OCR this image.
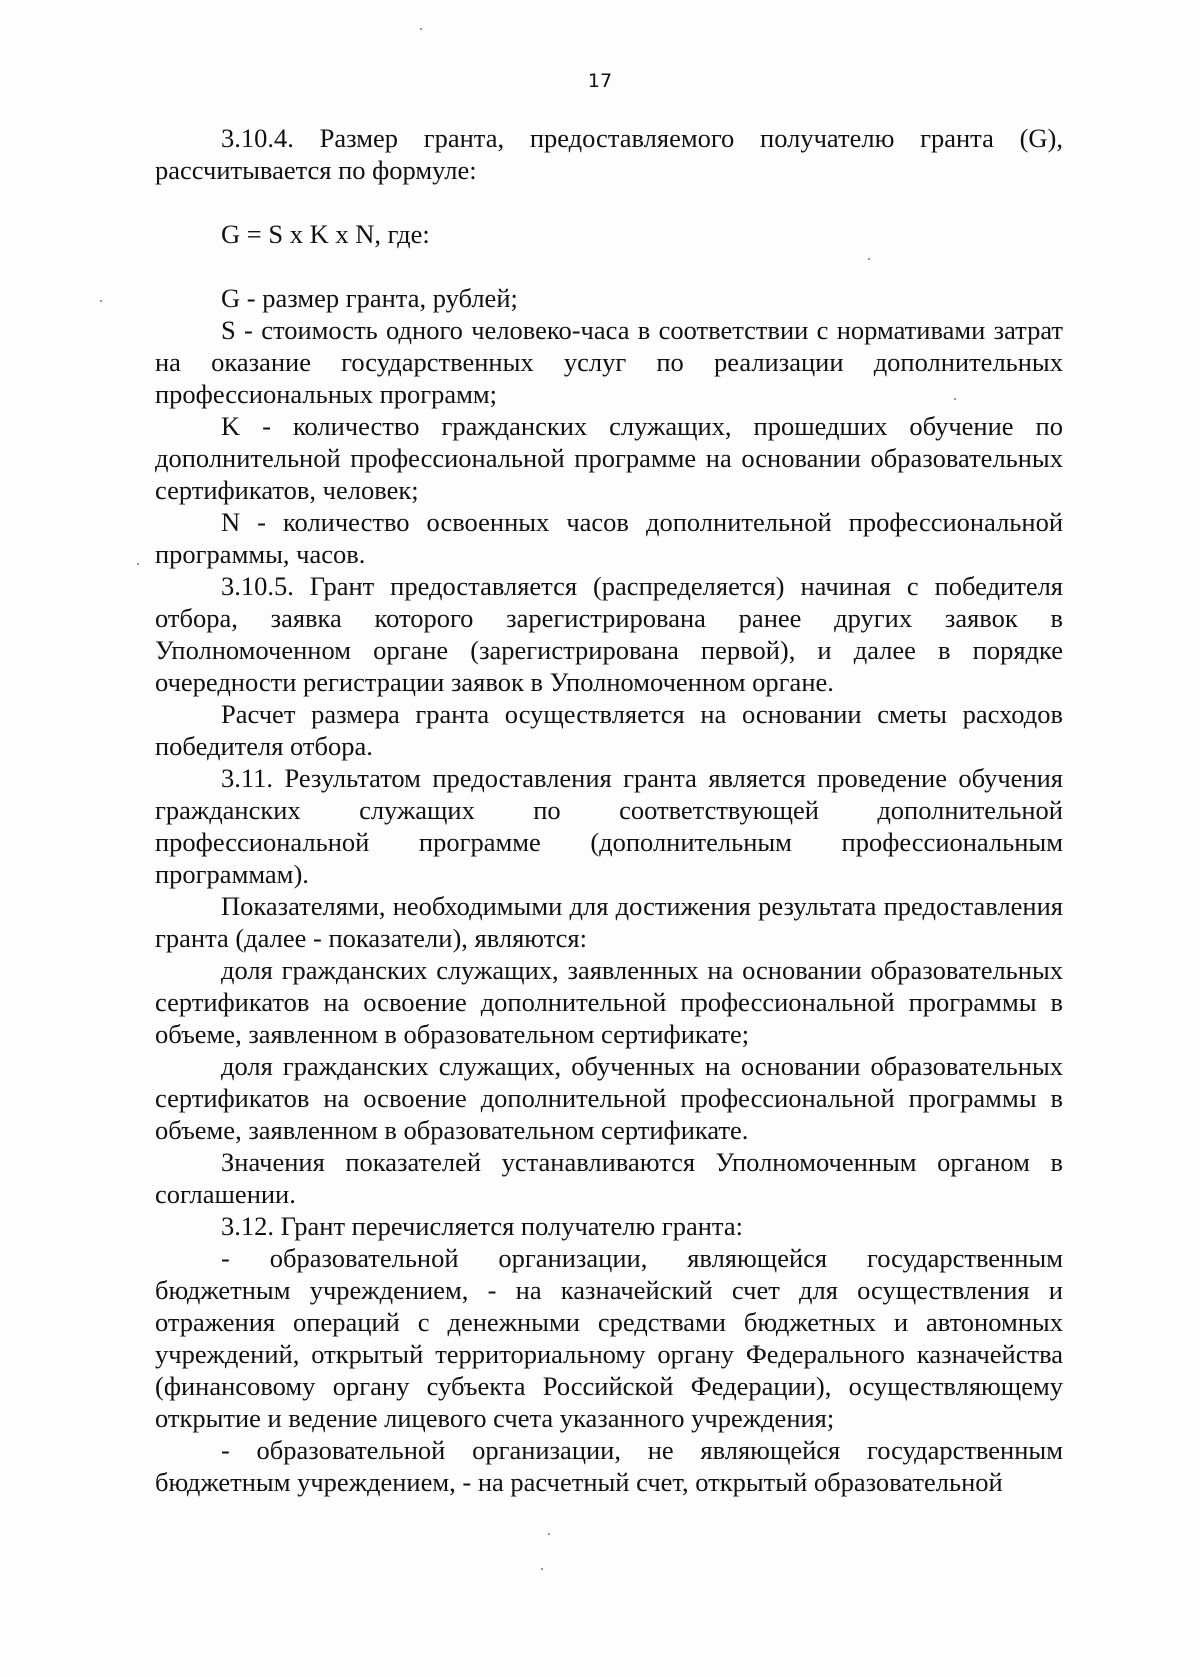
17

3.10.4. Размер гранта, предоставляемого получателю гранта (G), рассчитывается по формуле:

G = S x K x N, где:

G - размер гранта, рублей;

S - стоимость одного человеко-часа в соответствии с нормативами затрат на оказание государственных услуг по реализации дополнительных профессиональных программ;

K - количество гражданских служащих, прошедших обучение по дополнительной профессиональной программе на основании образовательных сертификатов, человек;

N - количество освоенных часов дополнительной профессиональной программы, часов.

3.10.5. Грант предоставляется (распределяется) начиная с победителя отбора, заявка которого зарегистрирована ранее других заявок в Уполномоченном органе (зарегистрирована первой), и далее в порядке очередности регистрации заявок в Уполномоченном органе.

Расчет размера гранта осуществляется на основании сметы расходов победителя отбора.

3.11. Результатом предоставления гранта является проведение обучения гражданских служащих по соответствующей дополнительной профессиональной программе (дополнительным профессиональным программам).

Показателями, необходимыми для достижения результата предоставления гранта (далее - показатели), являются:

доля гражданских служащих, заявленных на основании образовательных сертификатов на освоение дополнительной профессиональной программы в объеме, заявленном в образовательном сертификате;

доля гражданских служащих, обученных на основании образовательных сертификатов на освоение дополнительной профессиональной программы в объеме, заявленном в образовательном сертификате.

Значения показателей устанавливаются Уполномоченным органом в соглашении.

3.12. Грант перечисляется получателю гранта:

- образовательной организации, являющейся государственным бюджетным учреждением, - на казначейский счет для осуществления и отражения операций с денежными средствами бюджетных и автономных учреждений, открытый территориальному органу Федерального казначейства (финансовому органу субъекта Российской Федерации), осуществляющему открытие и ведение лицевого счета указанного учреждения;

- образовательной организации, не являющейся государственным бюджетным учреждением, - на расчетный счет, открытый образовательной
